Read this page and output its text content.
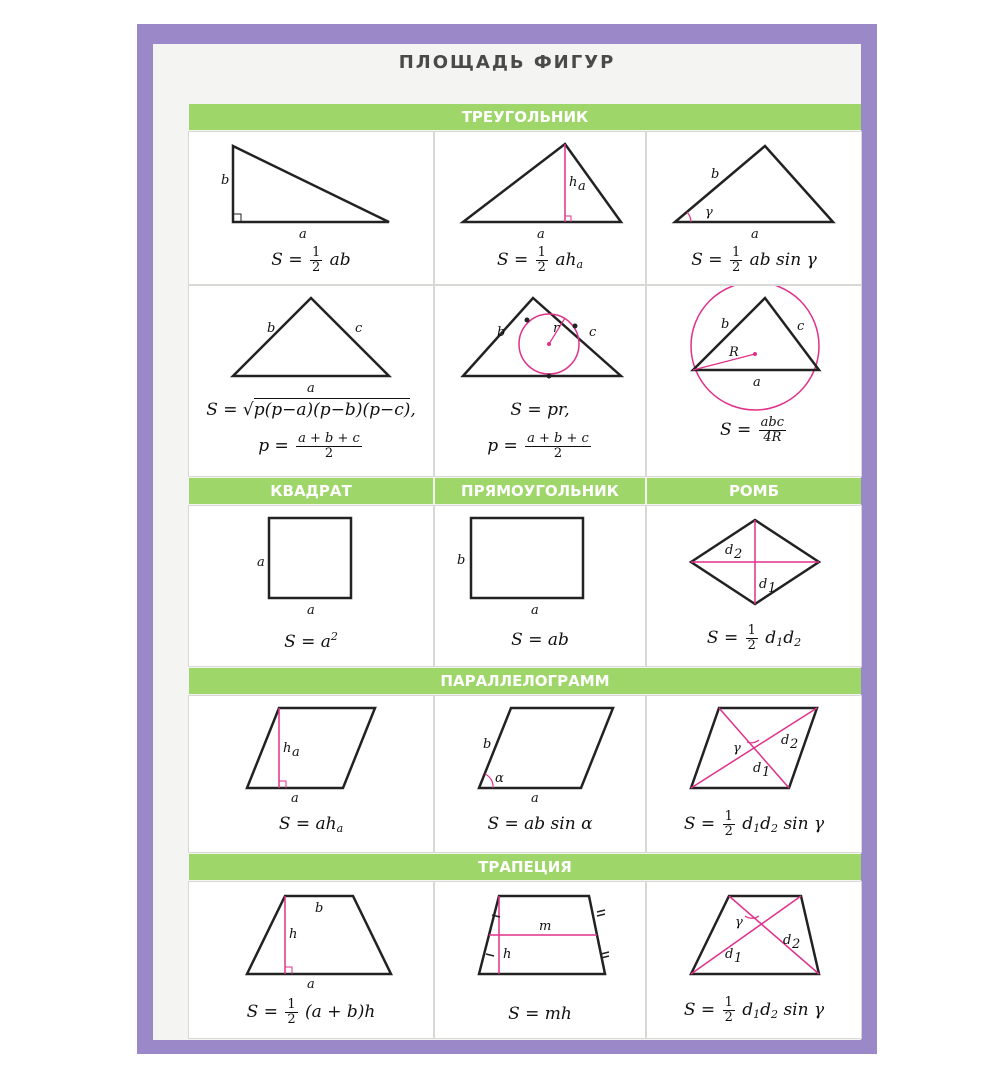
ПЛОЩАДЬ ФИГУР
ТРЕУГОЛЬНИК
b
a
$S = \frac{1}{2}$ ab
h a
a
$S = \frac{1}{2} ah_a$
γ
b
a
$S = \frac{1}{2}$ ab sin γ
b	c
a
S = √p(p−a)(p−b)(p−c),
$p = \frac{a + b + c}{2}$
r
b	c
S = pr,
$p = \frac{a + b + c}{2}$
R
b	c
a
$S = \frac{\text{abc}}{4R}$
КВАДРАТ	ПРЯМОУГОЛЬНИК	РОМБ
a
a
$S = a^2$
b
a
S = ab
d 2
d 1
$S = \frac{1}{2} d_1d_2$
ПАРАЛЛЕЛОГРАММ
h a
a
$S = ah_a$
α
b
a
S = ab sin α
γ
d 2
d 1
$S = \frac{1}{2} d_1d_2$ sin γ
ТРАПЕЦИЯ
h
b
a
$S = \frac{1}{2} (a + b)h$
m
h
S = mh
γ
d 2
d 1
$S = \frac{1}{2} d_1d_2$ sin γ
